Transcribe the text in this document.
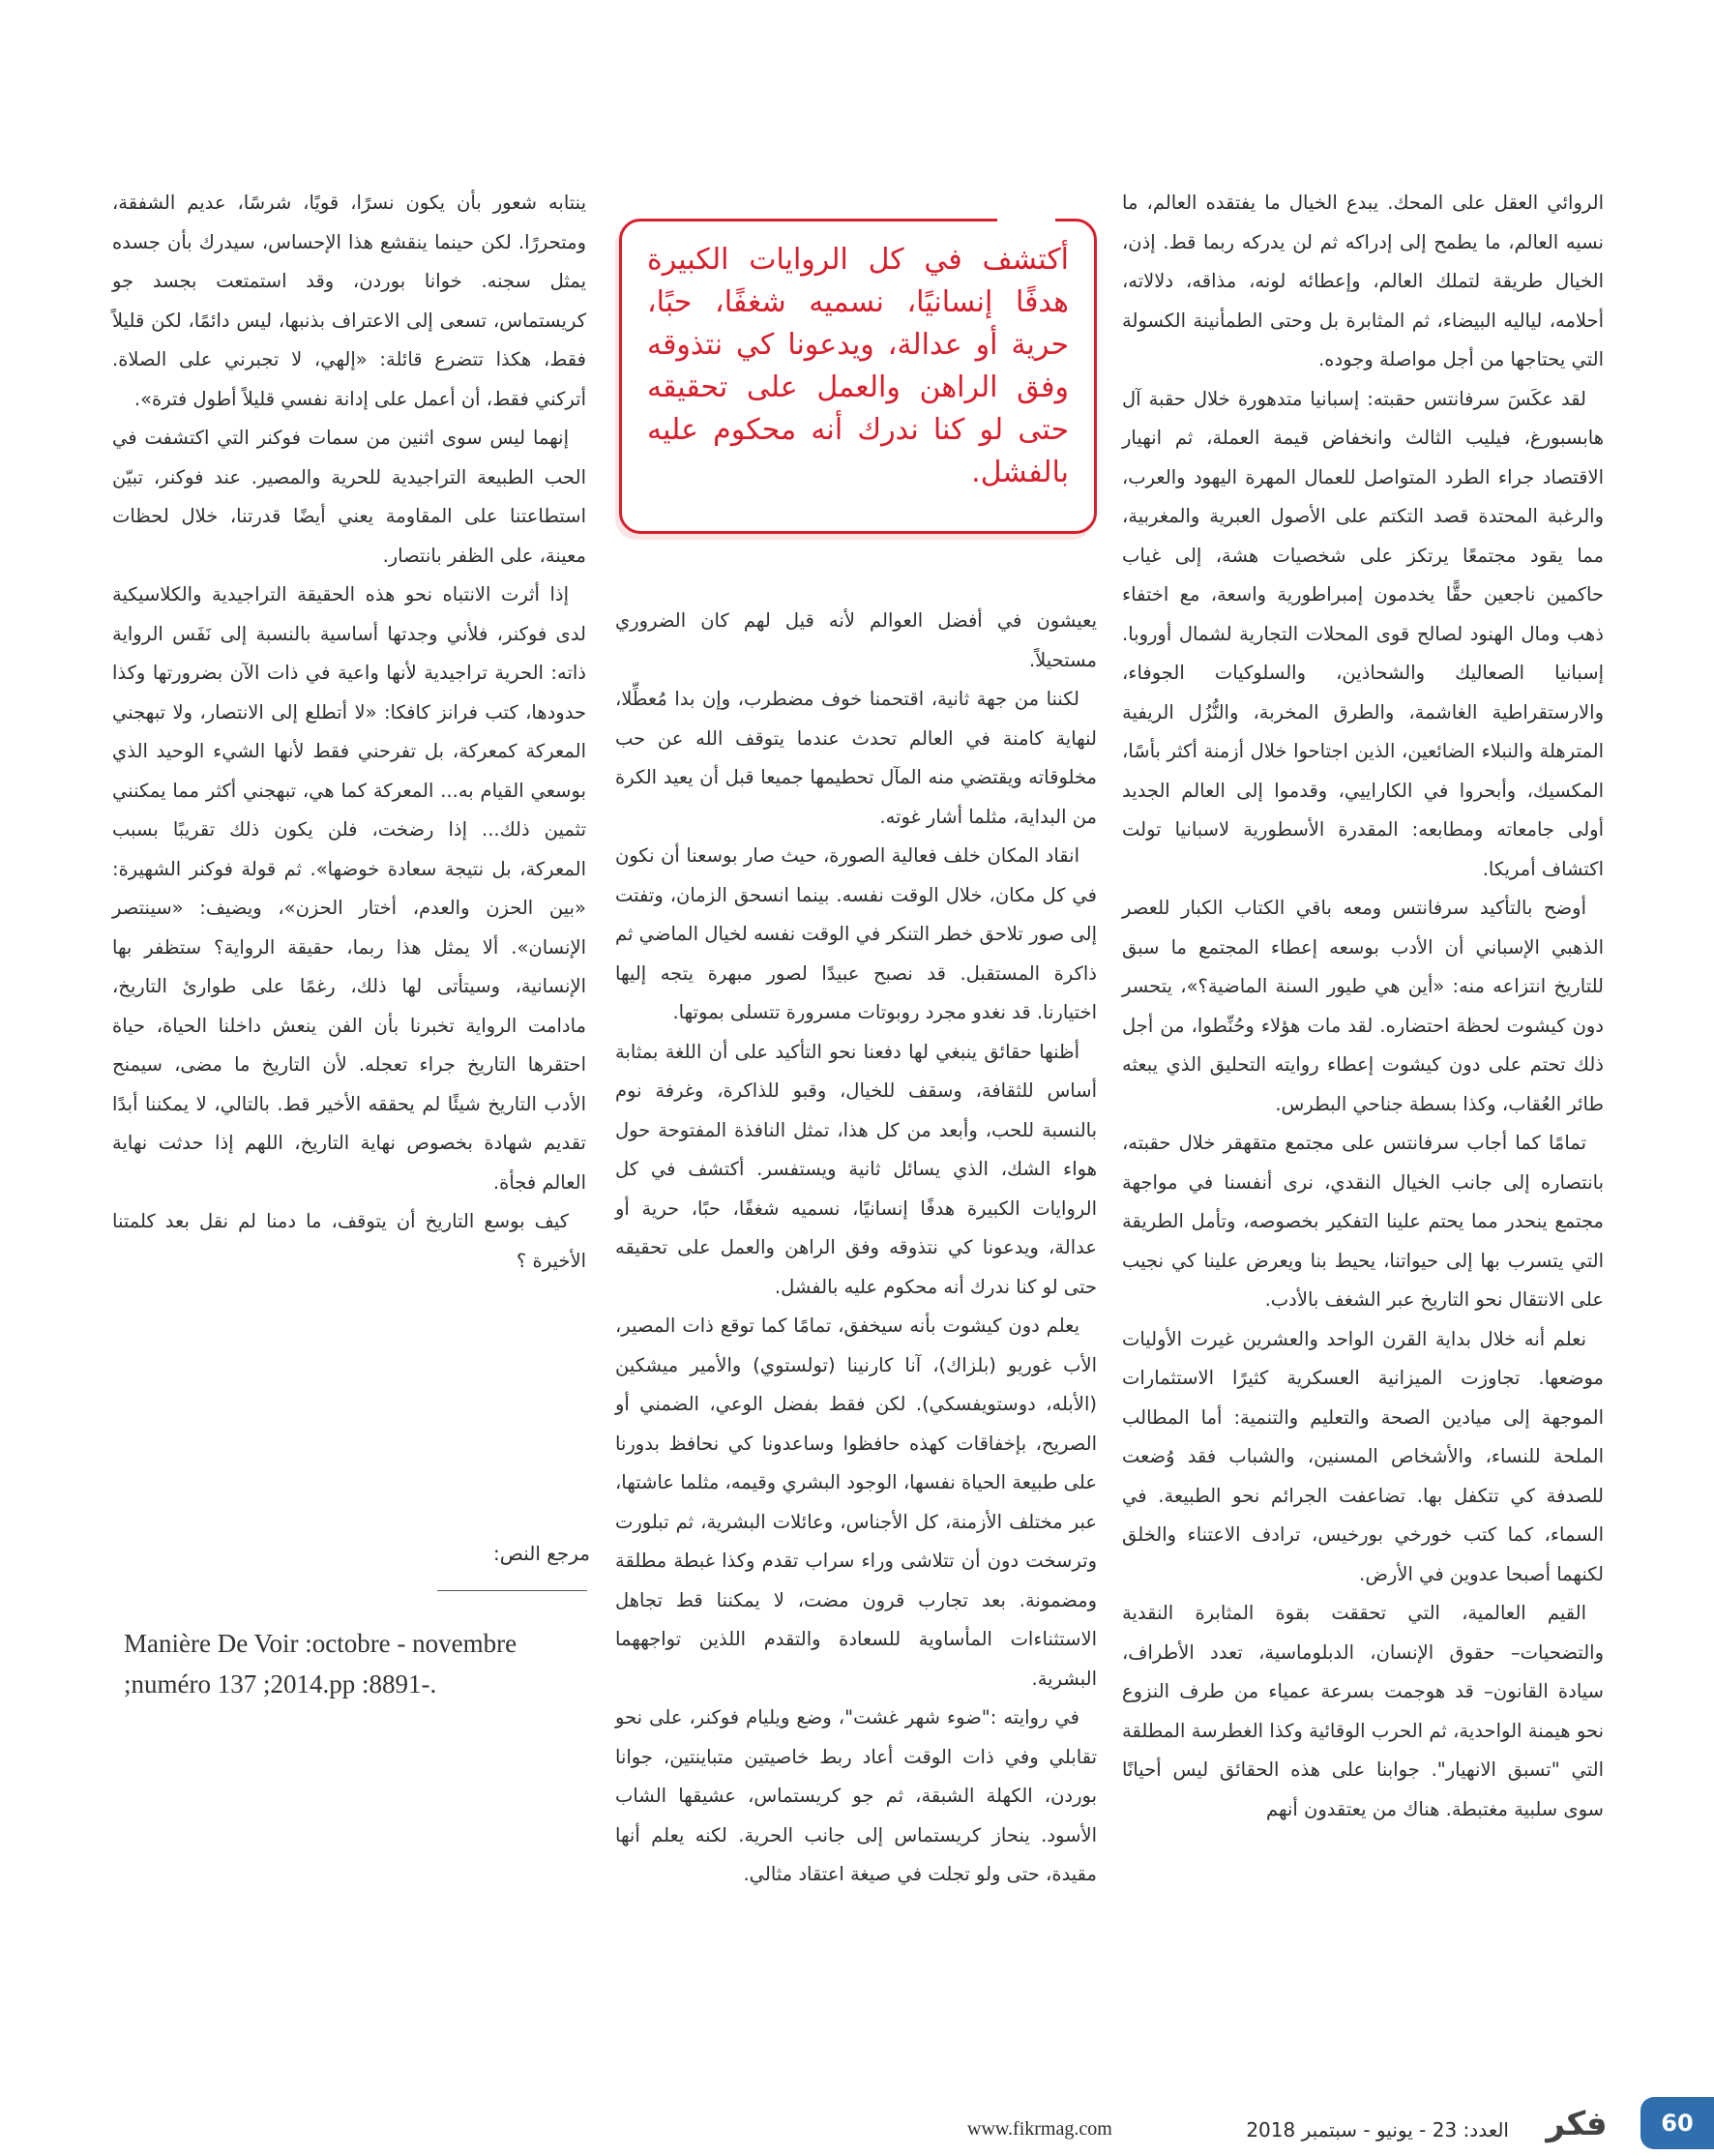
الروائي العقل على المحك. يبدع الخيال ما يفتقده العالم، ما نسيه العالم، ما يطمح إلى إدراكه ثم لن يدركه ربما قط. إذن، الخيال طريقة لتملك العالم، وإعطائه لونه، مذاقه، دلالاته، أحلامه، لياليه البيضاء، ثم المثابرة بل وحتى الطمأنينة الكسولة التي يحتاجها من أجل مواصلة وجوده.

لقد عكَسَ سرفانتس حقبته: إسبانيا متدهورة خلال حقبة آل هابسبورغ، فيليب الثالث وانخفاض قيمة العملة، ثم انهيار الاقتصاد جراء الطرد المتواصل للعمال المهرة اليهود والعرب، والرغبة المحتدة قصد التكتم على الأصول العبرية والمغربية، مما يقود مجتمعًا يرتكز على شخصيات هشة، إلى غياب حاكمين ناجعين حقًّا يخدمون إمبراطورية واسعة، مع اختفاء ذهب ومال الهنود لصالح قوى المحلات التجارية لشمال أوروبا. إسبانيا الصعاليك والشحاذين، والسلوكيات الجوفاء، والارستقراطية الغاشمة، والطرق المخربة، والنُّزُل الريفية المترهلة والنبلاء الضائعين، الذين اجتاحوا خلال أزمنة أكثر بأسًا، المكسيك، وأبحروا في الكاراييي، وقدموا إلى العالم الجديد أولى جامعاته ومطابعه: المقدرة الأسطورية لاسبانيا تولت اكتشاف أمريكا.

أوضح بالتأكيد سرفانتس ومعه باقي الكتاب الكبار للعصر الذهبي الإسباني أن الأدب بوسعه إعطاء المجتمع ما سبق للتاريخ انتزاعه منه: «أين هي طيور السنة الماضية؟»، يتحسر دون كيشوت لحظة احتضاره. لقد مات هؤلاء وحُنِّطوا، من أجل ذلك تحتم على دون كيشوت إعطاء روايته التحليق الذي يبعثه طائر العُقاب، وكذا بسطة جناحي البطرس.

تمامًا كما أجاب سرفانتس على مجتمع متقهقر خلال حقبته، بانتصاره إلى جانب الخيال النقدي، نرى أنفسنا في مواجهة مجتمع ينحدر مما يحتم علينا التفكير بخصوصه، وتأمل الطريقة التي يتسرب بها إلى حيواتنا، يحيط بنا ويعرض علينا كي نجيب على الانتقال نحو التاريخ عبر الشغف بالأدب.

نعلم أنه خلال بداية القرن الواحد والعشرين غيرت الأوليات موضعها. تجاوزت الميزانية العسكرية كثيرًا الاستثمارات الموجهة إلى ميادين الصحة والتعليم والتنمية: أما المطالب الملحة للنساء، والأشخاص المسنين، والشباب فقد وُضعت للصدفة كي تتكفل بها. تضاعفت الجرائم نحو الطبيعة. في السماء، كما كتب خورخي بورخيس، ترادف الاعتناء والخلق لكنهما أصبحا عدوين في الأرض.

القيم العالمية، التي تحققت بقوة المثابرة النقدية والتضحيات– حقوق الإنسان، الدبلوماسية، تعدد الأطراف، سيادة القانون– قد هوجمت بسرعة عمياء من طرف النزوع نحو هيمنة الواحدية، ثم الحرب الوقائية وكذا الغطرسة المطلقة التي "تسبق الانهيار". جوابنا على هذه الحقائق ليس أحيانًا سوى سلبية مغتبطة. هناك من يعتقدون أنهم

أكتشف في كل الروايات الكبيرة هدفًا إنسانيًا، نسميه شغفًا، حبًا، حرية أو عدالة، ويدعونا كي نتذوقه وفق الراهن والعمل على تحقيقه حتى لو كنا ندرك أنه محكوم عليه بالفشل.

يعيشون في أفضل العوالم لأنه قيل لهم كان الضروري مستحيلاً.

لكننا من جهة ثانية، اقتحمنا خوف مضطرب، وإن بدا مُعطِّلا، لنهاية كامنة في العالم تحدث عندما يتوقف الله عن حب مخلوقاته ويقتضي منه المآل تحطيمها جميعا قبل أن يعيد الكرة من البداية، مثلما أشار غوته.

انقاد المكان خلف فعالية الصورة، حيث صار بوسعنا أن نكون في كل مكان، خلال الوقت نفسه. بينما انسحق الزمان، وتفتت إلى صور تلاحق خطر التنكر في الوقت نفسه لخيال الماضي ثم ذاكرة المستقبل. قد نصبح عبيدًا لصور مبهرة يتجه إليها اختيارنا. قد نغدو مجرد روبوتات مسرورة تتسلى بموتها.

أظنها حقائق ينبغي لها دفعنا نحو التأكيد على أن اللغة بمثابة أساس للثقافة، وسقف للخيال، وقبو للذاكرة، وغرفة نوم بالنسبة للحب، وأبعد من كل هذا، تمثل النافذة المفتوحة حول هواء الشك، الذي يسائل ثانية ويستفسر. أكتشف في كل الروايات الكبيرة هدفًا إنسانيًا، نسميه شغفًا، حبًا، حرية أو عدالة، ويدعونا كي نتذوقه وفق الراهن والعمل على تحقيقه حتى لو كنا ندرك أنه محكوم عليه بالفشل.

يعلم دون كيشوت بأنه سيخفق، تمامًا كما توقع ذات المصير، الأب غوريو (بلزاك)، آنا كارنينا (تولستوي) والأمير ميشكين (الأبله، دوستويفسكي). لكن فقط بفضل الوعي، الضمني أو الصريح، بإخفاقات كهذه حافظوا وساعدونا كي نحافظ بدورنا على طبيعة الحياة نفسها، الوجود البشري وقيمه، مثلما عاشتها، عبر مختلف الأزمنة، كل الأجناس، وعائلات البشرية، ثم تبلورت وترسخت دون أن تتلاشى وراء سراب تقدم وكذا غبطة مطلقة ومضمونة. بعد تجارب قرون مضت، لا يمكننا قط تجاهل الاستثناءات المأساوية للسعادة والتقدم اللذين تواجههما البشرية.

في روايته :"ضوء شهر غشت"، وضع ويليام فوكنر، على نحو تقابلي وفي ذات الوقت أعاد ربط خاصيتين متباينتين، جوانا بوردن، الكهلة الشبقة، ثم جو كريستماس، عشيقها الشاب الأسود. ينحاز كريستماس إلى جانب الحرية. لكنه يعلم أنها مقيدة، حتى ولو تجلت في صيغة اعتقاد مثالي.

ينتابه شعور بأن يكون نسرًا، قويًا، شرسًا، عديم الشفقة، ومتحررًا. لكن حينما ينقشع هذا الإحساس، سيدرك بأن جسده يمثل سجنه. خوانا بوردن، وقد استمتعت بجسد جو كريستماس، تسعى إلى الاعتراف بذنبها، ليس دائمًا، لكن قليلاً فقط، هكذا تتضرع قائلة: «إلهي، لا تجبرني على الصلاة. أتركني فقط، أن أعمل على إدانة نفسي قليلاً أطول فترة».

إنهما ليس سوى اثنين من سمات فوكنر التي اكتشفت في الحب الطبيعة التراجيدية للحرية والمصير. عند فوكنر، تبيّن استطاعتنا على المقاومة يعني أيضًا قدرتنا، خلال لحظات معينة، على الظفر بانتصار.

إذا أثرت الانتباه نحو هذه الحقيقة التراجيدية والكلاسيكية لدى فوكنر، فلأني وجدتها أساسية بالنسبة إلى نَفَس الرواية ذاته: الحرية تراجيدية لأنها واعية في ذات الآن بضرورتها وكذا حدودها، كتب فرانز كافكا: «لا أتطلع إلى الانتصار، ولا تبهجني المعركة كمعركة، بل تفرحني فقط لأنها الشيء الوحيد الذي بوسعي القيام به... المعركة كما هي، تبهجني أكثر مما يمكنني تثمين ذلك... إذا رضخت، فلن يكون ذلك تقريبًا بسبب المعركة، بل نتيجة سعادة خوضها». ثم قولة فوكنر الشهيرة: «بين الحزن والعدم، أختار الحزن»، ويضيف: «سينتصر الإنسان». ألا يمثل هذا ربما، حقيقة الرواية؟ ستظفر بها الإنسانية، وسيتأتى لها ذلك، رغمًا على طوارئ التاريخ، مادامت الرواية تخبرنا بأن الفن ينعش داخلنا الحياة، حياة احتقرها التاريخ جراء تعجله. لأن التاريخ ما مضى، سيمنح الأدب التاريخ شيئًا لم يحققه الأخير قط. بالتالي، لا يمكننا أبدًا تقديم شهادة بخصوص نهاية التاريخ، اللهم إذا حدثت نهاية العالم فجأة.

كيف بوسع التاريخ أن يتوقف، ما دمنا لم نقل بعد كلمتنا الأخيرة ؟

مرجع النص:
Manière De Voir :octobre - novembre ;numéro 137 ;2014.pp :8891-.
www.fikrmag.com	العدد: 23 - يونيو - سبتمبر 2018	فكر	60
